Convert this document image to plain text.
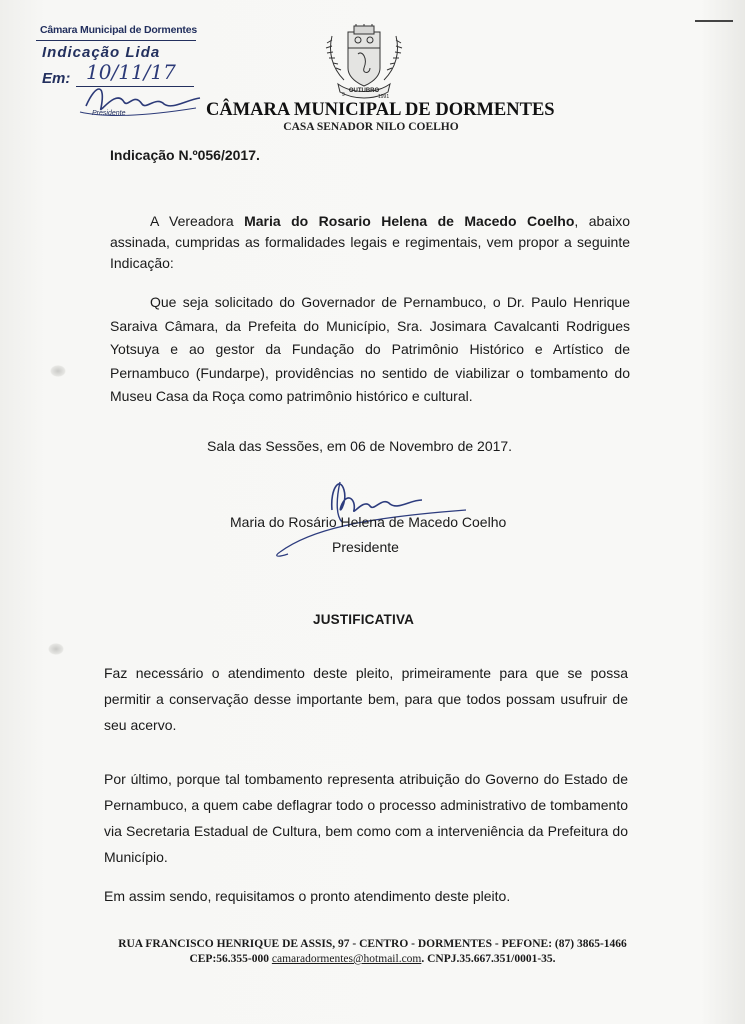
Câmara Municipal de Dormentes
Indicação Lida
Em: 10/11/17
Presidente
OUTUBRO
9	1991
CÂMARA MUNICIPAL DE DORMENTES
CASA SENADOR NILO COELHO
Indicação N.º056/2017.
A Vereadora Maria do Rosario Helena de Macedo Coelho, abaixo assinada, cumpridas as formalidades legais e regimentais, vem propor a seguinte Indicação:
Que seja solicitado do Governador de Pernambuco, o Dr. Paulo Henrique Saraiva Câmara, da Prefeita do Município, Sra. Josimara Cavalcanti Rodrigues Yotsuya e ao gestor da Fundação do Patrimônio Histórico e Artístico de Pernambuco (Fundarpe), providências no sentido de viabilizar o tombamento do Museu Casa da Roça como patrimônio histórico e cultural.
Sala das Sessões, em 06 de Novembro de 2017.
Maria do Rosário Helena de Macedo Coelho
Presidente
JUSTIFICATIVA
Faz necessário o atendimento deste pleito, primeiramente para que se possa permitir a conservação desse importante bem, para que todos possam usufruir de seu acervo.
Por último, porque tal tombamento representa atribuição do Governo do Estado de Pernambuco, a quem cabe deflagrar todo o processo administrativo de tombamento via Secretaria Estadual de Cultura, bem como com a interveniência da Prefeitura do Município.
Em assim sendo, requisitamos o pronto atendimento deste pleito.
RUA FRANCISCO HENRIQUE DE ASSIS, 97 - CENTRO - DORMENTES - PEFONE: (87) 3865-1466
CEP:56.355-000 camaradormentes@hotmail.com. CNPJ.35.667.351/0001-35.
